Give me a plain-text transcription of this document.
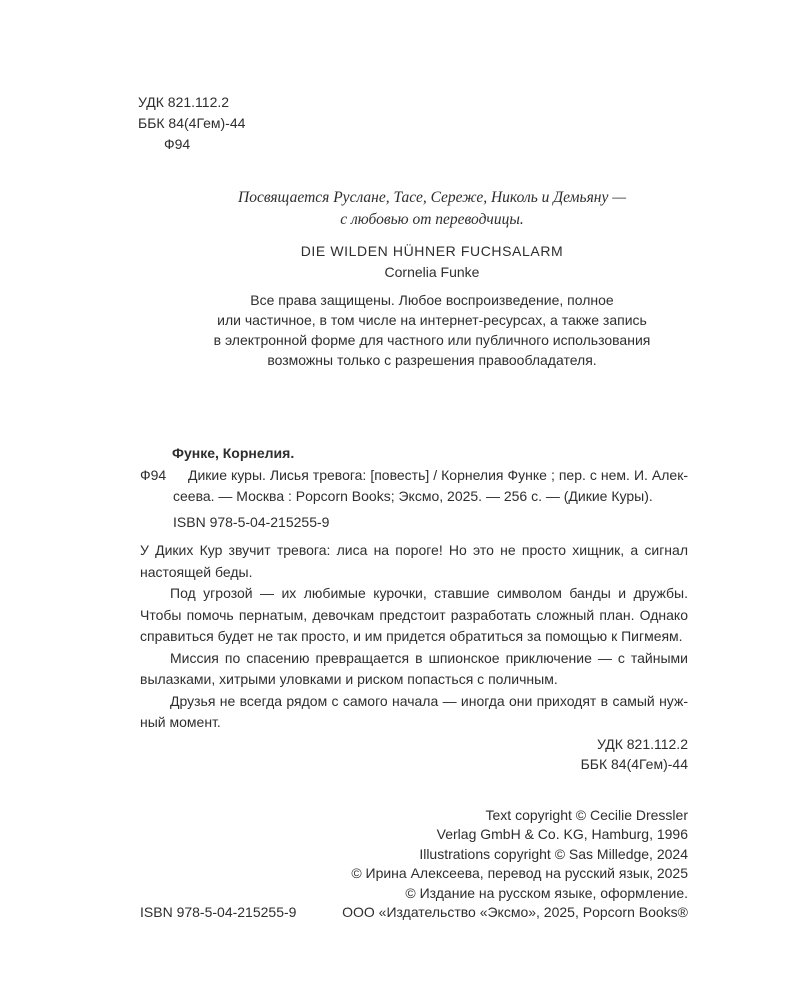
УДК 821.112.2
ББК 84(4Гем)-44
Ф94
Посвящается Руслане, Тасе, Сереже, Николь и Демьяну —
с любовью от переводчицы.
DIE WILDEN HÜHNER FUCHSALARM
Cornelia Funke
Все права защищены. Любое воспроизведение, полное
или частичное, в том числе на интернет-ресурсах, а также запись
в электронной форме для частного или публичного использования
возможны только с разрешения правообладателя.
Функе, Корнелия.
Ф94	Дикие куры. Лисья тревога: [повесть] / Корнелия Функе ; пер. с нем. И. Алек-
сеева. — Москва : Popcorn Books; Эксмо, 2025. — 256 с. — (Дикие Куры).
ISBN 978-5-04-215255-9
У Диких Кур звучит тревога: лиса на пороге! Но это не просто хищник, а сигнал
настоящей беды.
Под угрозой — их любимые курочки, ставшие символом банды и дружбы.
Чтобы помочь пернатым, девочкам предстоит разработать сложный план. Однако
справиться будет не так просто, и им придется обратиться за помощью к Пигмеям.
Миссия по спасению превращается в шпионское приключение — с тайными
вылазками, хитрыми уловками и риском попасться с поличным.
Друзья не всегда рядом с самого начала — иногда они приходят в самый нуж-
ный момент.
УДК 821.112.2
ББК 84(4Гем)-44
Text copyright © Cecilie Dressler
Verlag GmbH & Co. KG, Hamburg, 1996
Illustrations copyright © Sas Milledge, 2024
© Ирина Алексеева, перевод на русский язык, 2025
© Издание на русском языке, оформление.
ISBN 978-5-04-215255-9	ООО «Издательство «Эксмо», 2025, Popcorn Books®
